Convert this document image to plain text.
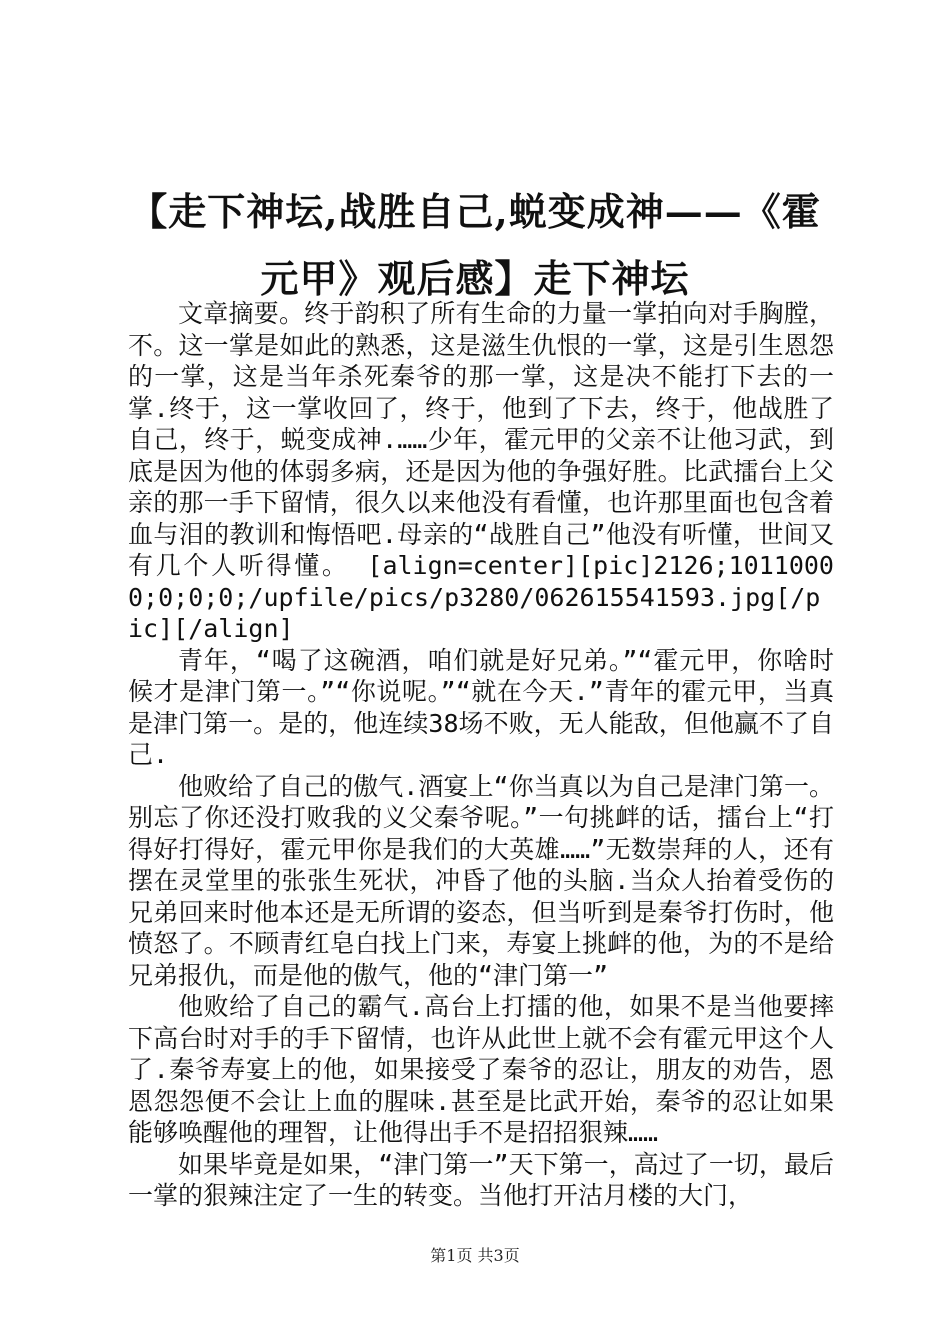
【走下神坛,战胜自己,蜕变成神——《霍元甲》观后感】走下神坛

文章摘要。终于韵积了所有生命的力量一掌拍向对手胸膛，不。这一掌是如此的熟悉，这是滋生仇恨的一掌，这是引生恩怨的一掌，这是当年杀死秦爷的那一掌，这是决不能打下去的一掌.终于，这一掌收回了，终于，他到了下去，终于，他战胜了自己，终于，蜕变成神.……少年，霍元甲的父亲不让他习武，到底是因为他的体弱多病，还是因为他的争强好胜。比武擂台上父亲的那一手下留情，很久以来他没有看懂，也许那里面也包含着血与泪的教训和悔悟吧.母亲的“战胜自己”他没有听懂，世间又有几个人听得懂。 [align=center][pic]2126;10110000;0;0;0;/upfile/pics/p3280/062615541593.jpg[/pic][/align]

青年，“喝了这碗酒，咱们就是好兄弟。”“霍元甲，你啥时候才是津门第一。”“你说呢。”“就在今天.”青年的霍元甲，当真是津门第一。是的，他连续38场不败，无人能敌，但他赢不了自己.

他败给了自己的傲气.酒宴上“你当真以为自己是津门第一。别忘了你还没打败我的义父秦爷呢。”一句挑衅的话，擂台上“打得好打得好，霍元甲你是我们的大英雄……”无数崇拜的人，还有摆在灵堂里的张张生死状，冲昏了他的头脑.当众人抬着受伤的兄弟回来时他本还是无所谓的姿态，但当听到是秦爷打伤时，他愤怒了。不顾青红皂白找上门来，寿宴上挑衅的他，为的不是给兄弟报仇，而是他的傲气，他的“津门第一”

他败给了自己的霸气.高台上打擂的他，如果不是当他要摔下高台时对手的手下留情，也许从此世上就不会有霍元甲这个人了.秦爷寿宴上的他，如果接受了秦爷的忍让，朋友的劝告，恩恩怨怨便不会让上血的腥味.甚至是比武开始，秦爷的忍让如果能够唤醒他的理智，让他得出手不是招招狠辣……

如果毕竟是如果，“津门第一”天下第一，高过了一切，最后一掌的狠辣注定了一生的转变。当他打开沽月楼的大门，

第1页 共3页
